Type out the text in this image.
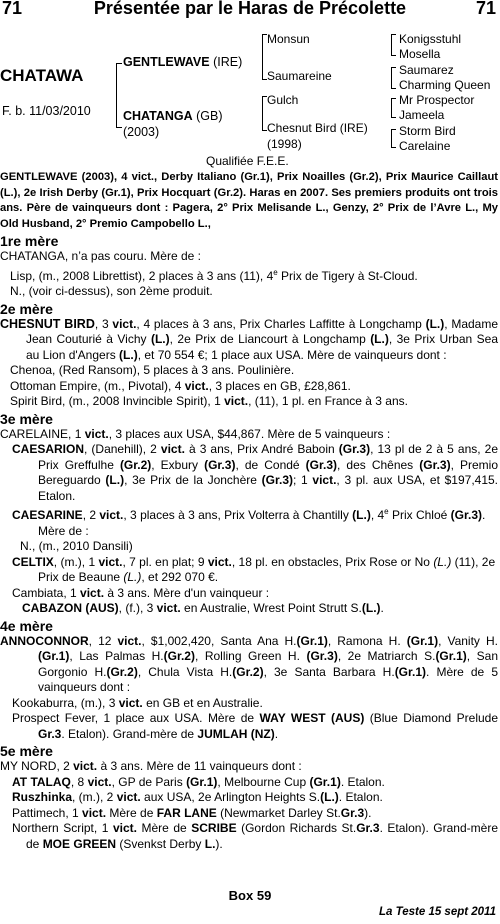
71	Présentée par le Haras de Précolette	71
CHATAWA
F. b. 11/03/2010
GENTLEWAVE (IRE)
CHATANGA (GB)
(2003)
Monsun
Saumareine
Gulch
Chesnut Bird (IRE)
(1998)
Konigsstuhl
Mosella
Saumarez
Charming Queen
Mr Prospector
Jameela
Storm Bird
Carelaine
Qualifiée F.E.E.

GENTLEWAVE (2003), 4 vict., Derby Italiano (Gr.1), Prix Noailles (Gr.2), Prix Maurice Caillaut (L.), 2e Irish Derby (Gr.1), Prix Hocquart (Gr.2). Haras en 2007. Ses premiers produits ont trois ans. Père de vainqueurs dont : Pagera, 2° Prix Melisande L., Genzy, 2° Prix de l’Avre L., My Old Husband, 2° Premio Campobello L.,

1re mère

CHATANGA, n’a pas couru. Mère de :

Lisp, (m., 2008 Librettist), 2 places à 3 ans (11), 4e Prix de Tigery à St-Cloud.

N., (voir ci-dessus), son 2ème produit.

2e mère

CHESNUT BIRD, 3 vict., 4 places à 3 ans, Prix Charles Laffitte à Longchamp (L.), Madame Jean Couturié à Vichy (L.), 2e Prix de Liancourt à Longchamp (L.), 3e Prix Urban Sea au Lion d'Angers (L.), et 70 554 €; 1 place aux USA. Mère de vainqueurs dont :

Chenoa, (Red Ransom), 5 places à 3 ans. Poulinière.

Ottoman Empire, (m., Pivotal), 4 vict., 3 places en GB, £28,861.

Spirit Bird, (m., 2008 Invincible Spirit), 1 vict., (11), 1 pl. en France à 3 ans.

3e mère

CARELAINE, 1 vict., 3 places aux USA, $44,867. Mère de 5 vainqueurs :

CAESARION, (Danehill), 2 vict. à 3 ans, Prix André Baboin (Gr.3), 13 pl de 2 à 5 ans, 2e Prix Greffulhe (Gr.2), Exbury (Gr.3), de Condé (Gr.3), des Chênes (Gr.3), Premio Bereguardo (L.), 3e Prix de la Jonchère (Gr.3); 1 vict., 3 pl. aux USA, et $197,415. Etalon.

CAESARINE, 2 vict., 3 places à 3 ans, Prix Volterra à Chantilly (L.), 4e Prix Chloé (Gr.3). Mère de :

N., (m., 2010 Dansili)

CELTIX, (m.), 1 vict., 7 pl. en plat; 9 vict., 18 pl. en obstacles, Prix Rose or No (L.) (11), 2e Prix de Beaune (L.), et 292 070 €.

Cambiata, 1 vict. à 3 ans. Mère d'un vainqueur :

CABAZON (AUS), (f.), 3 vict. en Australie, Wrest Point Strutt S.(L.).

4e mère

ANNOCONNOR, 12 vict., $1,002,420, Santa Ana H.(Gr.1), Ramona H. (Gr.1), Vanity H.(Gr.1), Las Palmas H.(Gr.2), Rolling Green H. (Gr.3), 2e Matriarch S.(Gr.1), San Gorgonio H.(Gr.2), Chula Vista H.(Gr.2), 3e Santa Barbara H.(Gr.1). Mère de 5 vainqueurs dont :

Kookaburra, (m.), 3 vict. en GB et en Australie.

Prospect Fever, 1 place aux USA. Mère de WAY WEST (AUS) (Blue Diamond Prelude Gr.3. Etalon). Grand-mère de JUMLAH (NZ).

5e mère

MY NORD, 2 vict. à 3 ans. Mère de 11 vainqueurs dont :

AT TALAQ, 8 vict., GP de Paris (Gr.1), Melbourne Cup (Gr.1). Etalon.

Ruszhinka, (m.), 2 vict. aux USA, 2e Arlington Heights S.(L.). Etalon.

Pattimech, 1 vict. Mère de FAR LANE (Newmarket Darley St.Gr.3).

Northern Script, 1 vict. Mère de SCRIBE (Gordon Richards St.Gr.3. Etalon). Grand-mère de MOE GREEN (Svenkst Derby L.).

Box 59
La Teste 15 sept 2011
